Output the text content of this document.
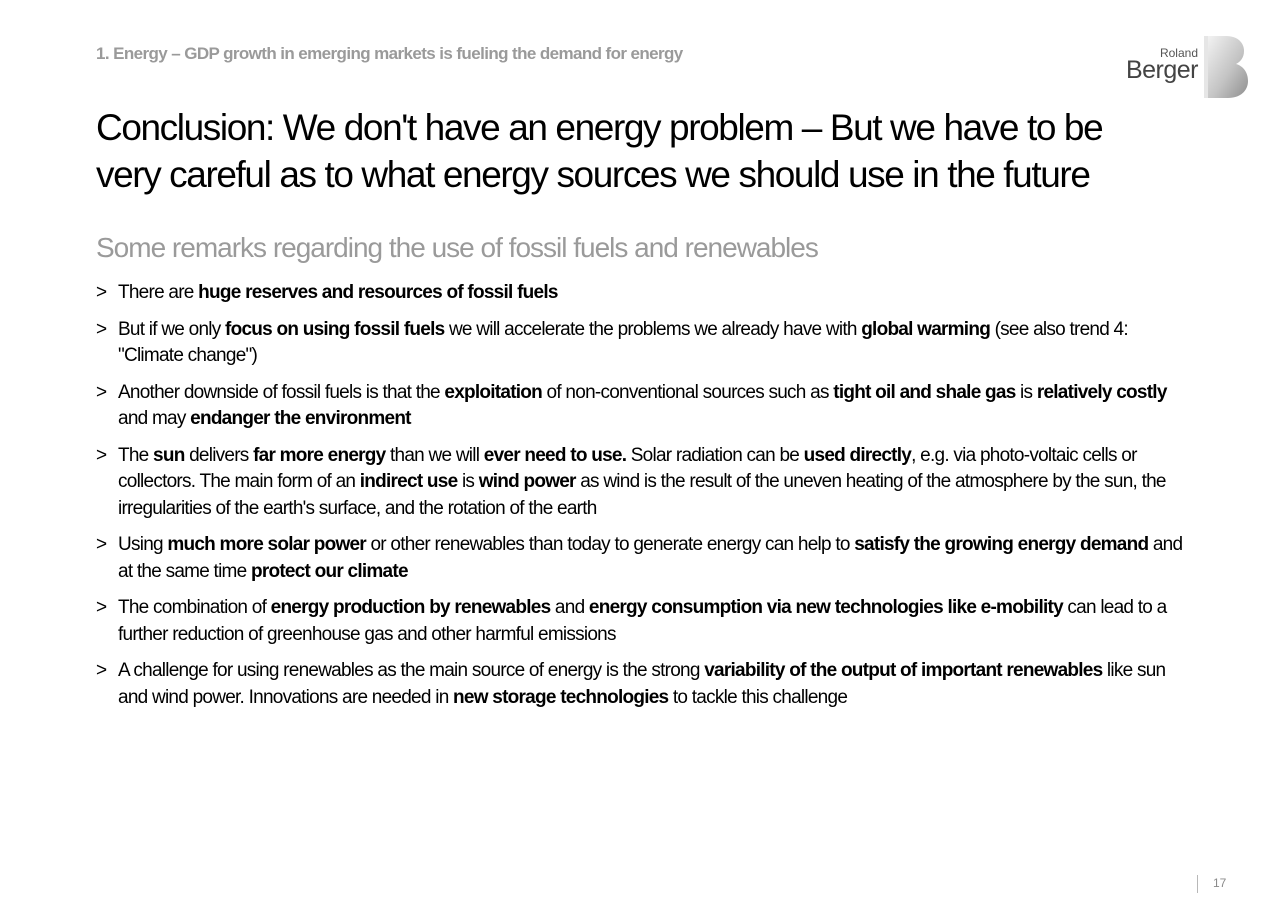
1. Energy – GDP growth in emerging markets is fueling the demand for energy	Roland
Berger
Conclusion: We don't have an energy problem – But we have to be
very careful as to what energy sources we should use in the future
Some remarks regarding the use of fossil fuels and renewables
> There are huge reserves and resources of fossil fuels
> But if we only focus on using fossil fuels we will accelerate the problems we already have with global warming (see also trend 4: "Climate change")
> Another downside of fossil fuels is that the exploitation of non-conventional sources such as tight oil and shale gas is relatively costly and may endanger the environment
> The sun delivers far more energy than we will ever need to use. Solar radiation can be used directly, e.g. via photo-voltaic cells or collectors. The main form of an indirect use is wind power as wind is the result of the uneven heating of the atmosphere by the sun, the irregularities of the earth's surface, and the rotation of the earth
> Using much more solar power or other renewables than today to generate energy can help to satisfy the growing energy demand and at the same time protect our climate
> The combination of energy production by renewables and energy consumption via new technologies like e-mobility can lead to a further reduction of greenhouse gas and other harmful emissions
> A challenge for using renewables as the main source of energy is the strong variability of the output of important renewables like sun and wind power. Innovations are needed in new storage technologies to tackle this challenge
17
